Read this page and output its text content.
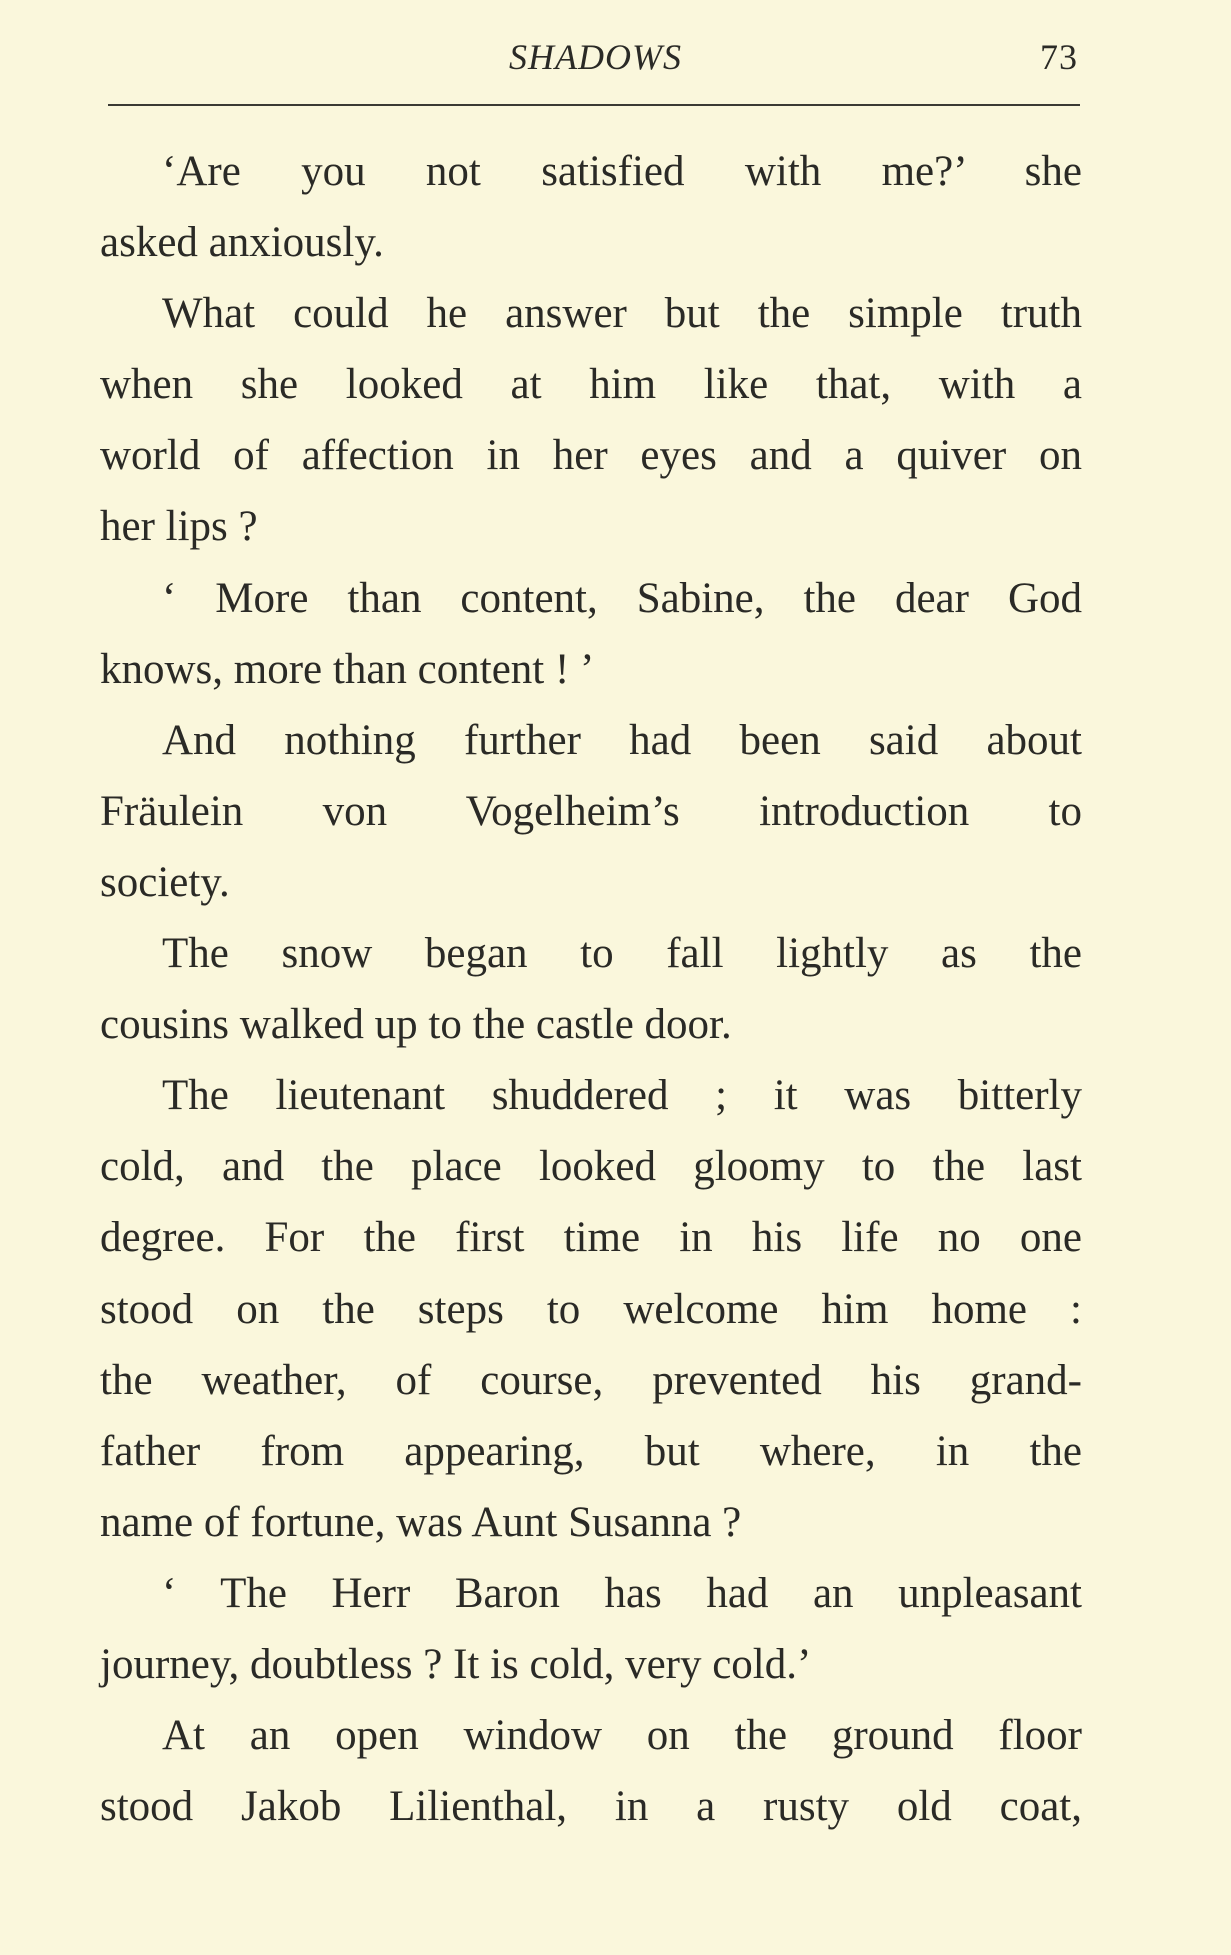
SHADOWS	73
‘Are you not satisfied with me?’ she
asked anxiously.
What could he answer but the simple truth
when she looked at him like that, with a
world of affection in her eyes and a quiver on
her lips ?
‘ More than content, Sabine, the dear God
knows, more than content ! ’
And nothing further had been said about
Fräulein von Vogelheim’s introduction to
society.
The snow began to fall lightly as the
cousins walked up to the castle door.
The lieutenant shuddered ; it was bitterly
cold, and the place looked gloomy to the last
degree. For the first time in his life no one
stood on the steps to welcome him home :
the weather, of course, prevented his grand-
father from appearing, but where, in the
name of fortune, was Aunt Susanna ?
‘ The Herr Baron has had an unpleasant
journey, doubtless ? It is cold, very cold.’
At an open window on the ground floor
stood Jakob Lilienthal, in a rusty old coat,
